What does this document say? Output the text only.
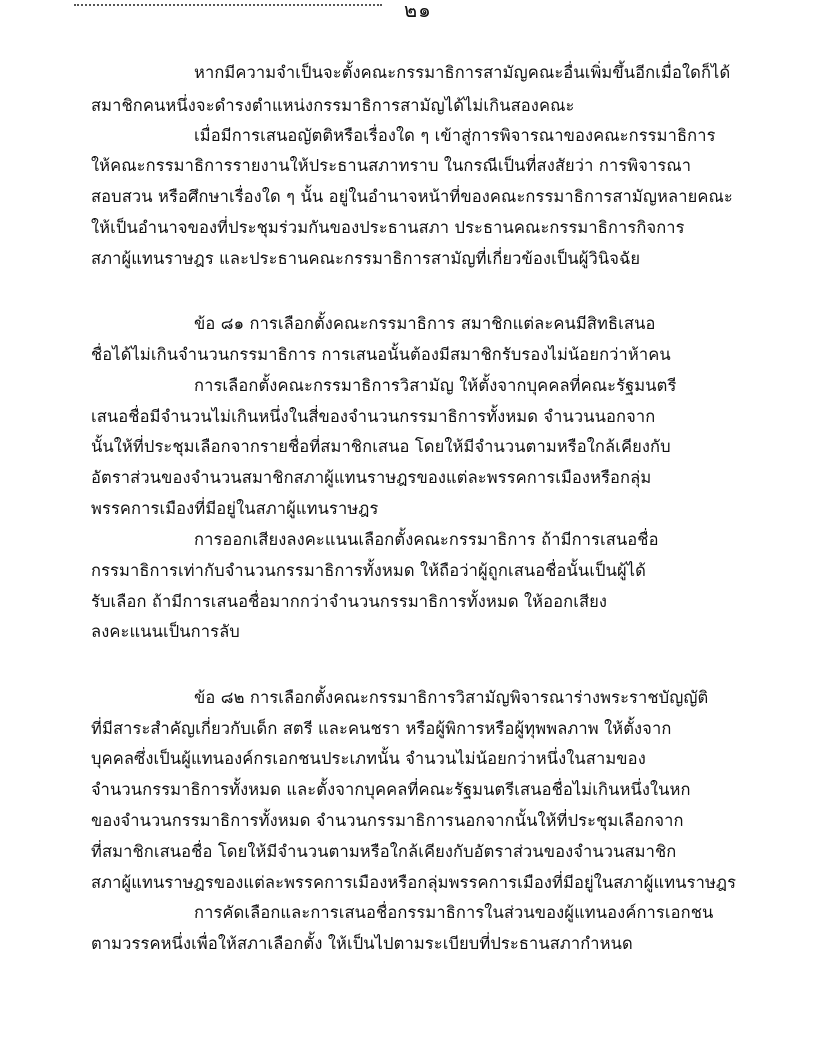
๒๑
หากมีความจำเป็นจะตั้งคณะกรรมาธิการสามัญคณะอื่นเพิ่มขึ้นอีกเมื่อใดก็ได้
สมาชิกคนหนึ่งจะดำรงตำแหน่งกรรมาธิการสามัญได้ไม่เกินสองคณะ
เมื่อมีการเสนอญัตติหรือเรื่องใด ๆ เข้าสู่การพิจารณาของคณะกรรมาธิการ
ให้คณะกรรมาธิการรายงานให้ประธานสภาทราบ ในกรณีเป็นที่สงสัยว่า การพิจารณา
สอบสวน หรือศึกษาเรื่องใด ๆ นั้น อยู่ในอำนาจหน้าที่ของคณะกรรมาธิการสามัญหลายคณะ
ให้เป็นอำนาจของที่ประชุมร่วมกันของประธานสภา ประธานคณะกรรมาธิการกิจการ
สภาผู้แทนราษฎร และประธานคณะกรรมาธิการสามัญที่เกี่ยวข้องเป็นผู้วินิจฉัย
ข้อ ๘๑ การเลือกตั้งคณะกรรมาธิการ สมาชิกแต่ละคนมีสิทธิเสนอ
ชื่อได้ไม่เกินจำนวนกรรมาธิการ การเสนอนั้นต้องมีสมาชิกรับรองไม่น้อยกว่าห้าคน
การเลือกตั้งคณะกรรมาธิการวิสามัญ ให้ตั้งจากบุคคลที่คณะรัฐมนตรี
เสนอชื่อมีจำนวนไม่เกินหนึ่งในสี่ของจำนวนกรรมาธิการทั้งหมด จำนวนนอกจาก
นั้นให้ที่ประชุมเลือกจากรายชื่อที่สมาชิกเสนอ โดยให้มีจำนวนตามหรือใกล้เคียงกับ
อัตราส่วนของจำนวนสมาชิกสภาผู้แทนราษฎรของแต่ละพรรคการเมืองหรือกลุ่ม
พรรคการเมืองที่มีอยู่ในสภาผู้แทนราษฎร
การออกเสียงลงคะแนนเลือกตั้งคณะกรรมาธิการ ถ้ามีการเสนอชื่อ
กรรมาธิการเท่ากับจำนวนกรรมาธิการทั้งหมด ให้ถือว่าผู้ถูกเสนอชื่อนั้นเป็นผู้ได้
รับเลือก ถ้ามีการเสนอชื่อมากกว่าจำนวนกรรมาธิการทั้งหมด ให้ออกเสียง
ลงคะแนนเป็นการลับ
ข้อ ๘๒ การเลือกตั้งคณะกรรมาธิการวิสามัญพิจารณาร่างพระราชบัญญัติ
ที่มีสาระสำคัญเกี่ยวกับเด็ก สตรี และคนชรา หรือผู้พิการหรือผู้ทุพพลภาพ ให้ตั้งจาก
บุคคลซึ่งเป็นผู้แทนองค์กรเอกชนประเภทนั้น จำนวนไม่น้อยกว่าหนึ่งในสามของ
จำนวนกรรมาธิการทั้งหมด และตั้งจากบุคคลที่คณะรัฐมนตรีเสนอชื่อไม่เกินหนึ่งในหก
ของจำนวนกรรมาธิการทั้งหมด จำนวนกรรมาธิการนอกจากนั้นให้ที่ประชุมเลือกจาก
ที่สมาชิกเสนอชื่อ โดยให้มีจำนวนตามหรือใกล้เคียงกับอัตราส่วนของจำนวนสมาชิก
สภาผู้แทนราษฎรของแต่ละพรรคการเมืองหรือกลุ่มพรรคการเมืองที่มีอยู่ในสภาผู้แทนราษฎร
การคัดเลือกและการเสนอชื่อกรรมาธิการในส่วนของผู้แทนองค์การเอกชน
ตามวรรคหนึ่งเพื่อให้สภาเลือกตั้ง ให้เป็นไปตามระเบียบที่ประธานสภากำหนด
